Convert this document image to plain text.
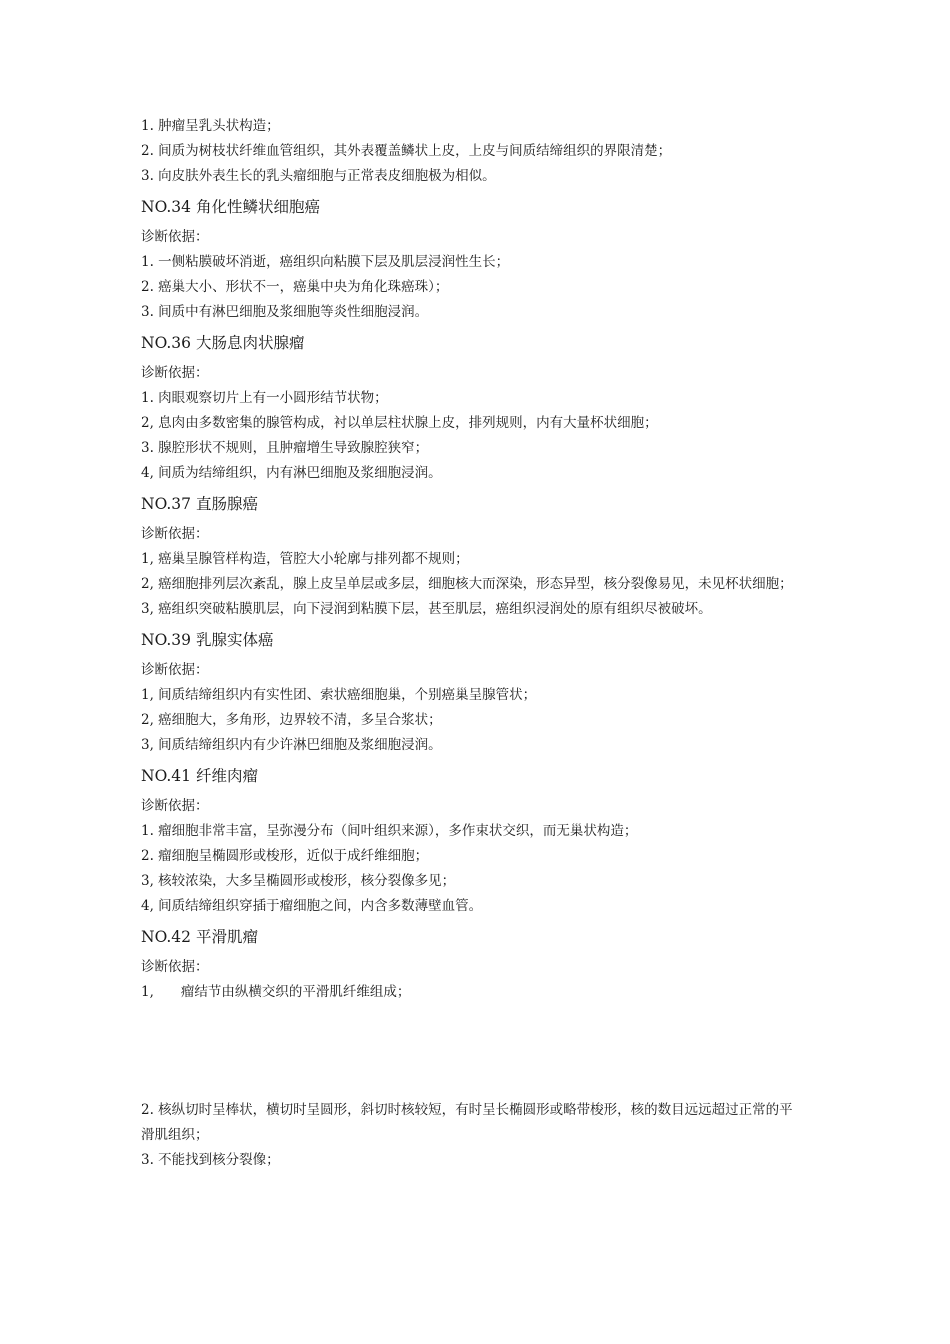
1. 肿瘤呈乳头状构造；

2. 间质为树枝状纤维血管组织，其外表覆盖鳞状上皮，上皮与间质结缔组织的界限清楚；

3. 向皮肤外表生长的乳头瘤细胞与正常表皮细胞极为相似。

NO.34 角化性鳞状细胞癌

诊断依据：

1. 一侧粘膜破坏消逝，癌组织向粘膜下层及肌层浸润性生长；

2. 癌巢大小、形状不一，癌巢中央为角化珠癌珠）；

3. 间质中有淋巴细胞及浆细胞等炎性细胞浸润。

NO.36 大肠息肉状腺瘤

诊断依据：

1. 肉眼观察切片上有一小圆形结节状物；

2, 息肉由多数密集的腺管构成，衬以单层柱状腺上皮，排列规则，内有大量杯状细胞；

3. 腺腔形状不规则，且肿瘤增生导致腺腔狭窄；

4, 间质为结缔组织，内有淋巴细胞及浆细胞浸润。

NO.37 直肠腺癌

诊断依据：

1, 癌巢呈腺管样构造，管腔大小轮廓与排列都不规则；

2, 癌细胞排列层次紊乱，腺上皮呈单层或多层，细胞核大而深染，形态异型，核分裂像易见，未见杯状细胞；

3, 癌组织突破粘膜肌层，向下浸润到粘膜下层，甚至肌层，癌组织浸润处的原有组织尽被破坏。

NO.39 乳腺实体癌

诊断依据：

1, 间质结缔组织内有实性团、索状癌细胞巢，个别癌巢呈腺管状；

2, 癌细胞大，多角形，边界较不清，多呈合浆状；

3, 间质结缔组织内有少许淋巴细胞及浆细胞浸润。

NO.41 纤维肉瘤

诊断依据：

1. 瘤细胞非常丰富，呈弥漫分布（间叶组织来源），多作束状交织，而无巢状构造；

2. 瘤细胞呈椭圆形或梭形，近似于成纤维细胞；

3, 核较浓染，大多呈椭圆形或梭形，核分裂像多见；

4, 间质结缔组织穿插于瘤细胞之间，内含多数薄壁血管。

NO.42 平滑肌瘤

诊断依据：

1, 瘤结节由纵横交织的平滑肌纤维组成；

2. 核纵切时呈棒状，横切时呈圆形，斜切时核较短，有时呈长椭圆形或略带梭形，核的数目远远超过正常的平滑肌组织；

3. 不能找到核分裂像；
